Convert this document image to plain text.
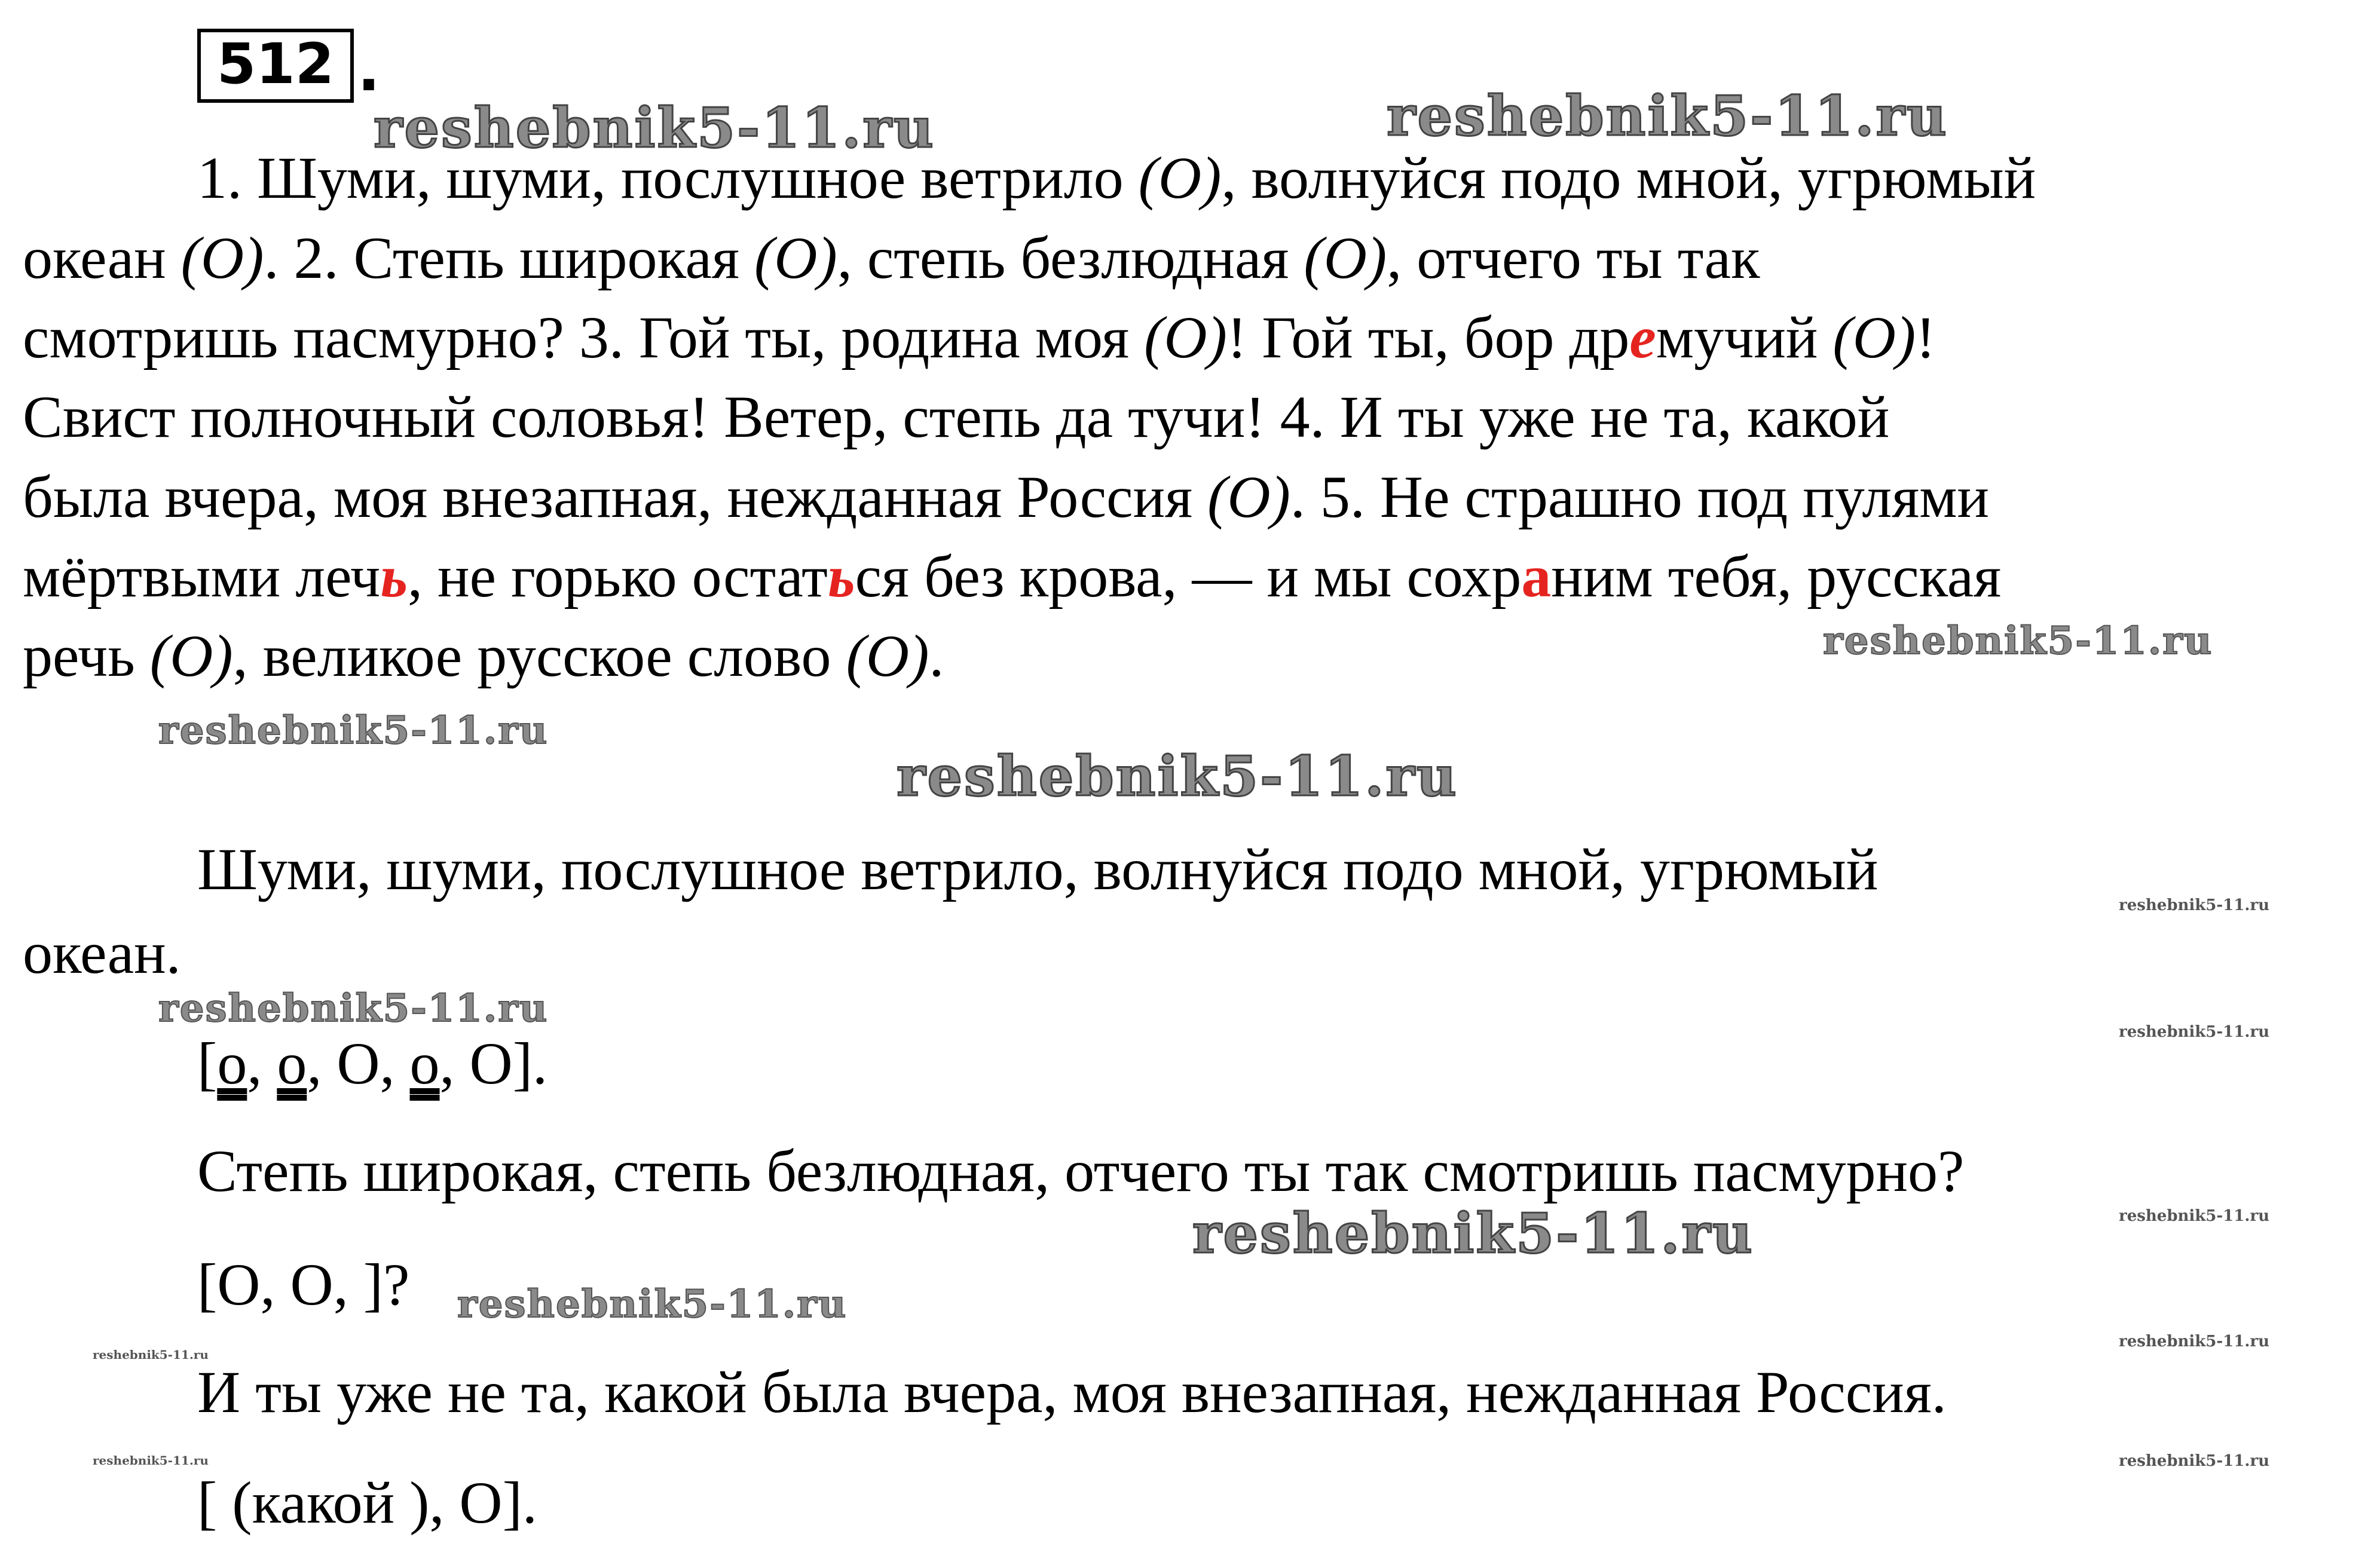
512 .
reshebnik5-11.ru	reshebnik5-11.ru
reshebnik5-11.ru
reshebnik5-11.ru
reshebnik5-11.ru
reshebnik5-11.ru
reshebnik5-11.ru
reshebnik5-11.ru
reshebnik5-11.ru
reshebnik5-11.ru
reshebnik5-11.ru
reshebnik5-11.ru
reshebnik5-11.ru
reshebnik5-11.ru
reshebnik5-11.ru
1. Шуми, шуми, послушное ветрило (О), волнуйся подо мной, угрюмый
океан (О). 2. Степь широкая (О), степь безлюдная (О), отчего ты так
смотришь пасмурно? 3. Гой ты, родина моя (О)! Гой ты, бор дремучий (О)!
Свист полночный соловья! Ветер, степь да тучи! 4. И ты уже не та, какой
была вчера, моя внезапная, нежданная Россия (О). 5. Не страшно под пулями
мёртвыми лечь, не горько остаться без крова, — и мы сохраним тебя, русская
речь (О), великое русское слово (О).
Шуми, шуми, послушное ветрило, волнуйся подо мной, угрюмый
океан.
[о, о, О, о, О].
Степь широкая, степь безлюдная, отчего ты так смотришь пасмурно?
[О, О, ]?
И ты уже не та, какой была вчера, моя внезапная, нежданная Россия.
[ (какой ), О].
